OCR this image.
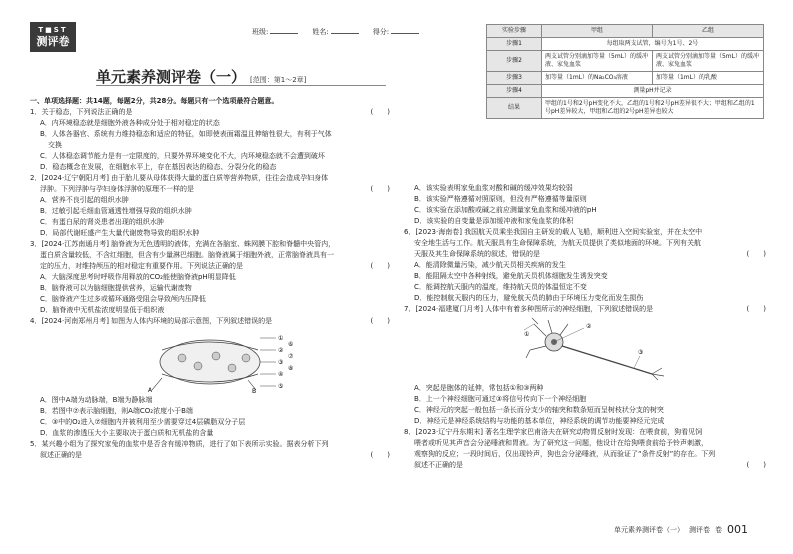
T■ST
测评卷
班级:	姓名:	得分:
单元素养测评卷（一） [范围：第1～2章]
一、单项选择题：共14题，每题2分，共28分。每题只有一个选项最符合题意。
1．关于稳态，下列说法正确的是	(　　)
A．内环境稳态就是细胞外液各种成分处于相对稳定的状态
B．人体各器官、系统有力维持稳态和适应的特征，如即使表面霜温且伸缩性很大，有利于气体
交换
C．人体稳态调节能力是有一定限度的，只要外界环境变化不大，内环境稳态就不会遭到破坏
D．稳态概念在发展，在细胞水平上，存在基因表达的稳态、分裂分化的稳态
2．[2024·辽宁朝阳月考] 由于胎儿要从母体获得大量的蛋白质等营养物质，往往会造成孕妇身体
浮肿。下列浮肿与孕妇身体浮肿的原理不一样的是	(　　)
A．营养不良引起的组织水肿
B．过敏引起毛细血管通透性增强导致的组织水肿
C．有蛋白尿的肾炎患者出现的组织水肿
D．局部代谢旺盛产生大量代谢废物导致的组织水肿
3．[2024·江苏南通月考] 脑脊液为无色透明的液体，充满在各脑室、蛛网膜下腔和脊髓中央管内，
蛋白质含量较低，不含红细胞，但含有少量淋巴细胞。脑脊液属于细胞外液，正常脑脊液具有一
定的压力，对维持颅压的相对稳定有重要作用。下列说法正确的是	(　　)
A．大脑深度思考时呼吸作用释放的CO₂能使脑脊液pH明显降低
B．脑脊液可以为脑细胞提供营养，运输代谢废物
C．脑脊液产生过多或循环通路受阻会导致颅内压降低
D．脑脊液中无机盐浓度明显低于组织液
4．[2024·河南郑州月考] 如图为人体内环境的局部示意图，下列叙述错误的是	(　　)
①
②
③
④
⑤
⑥
⑦
⑧
A	B
A．图中A端为动脉端，B端为静脉端
B．若图中⑦表示脑细胞，则A端CO₂浓度小于B端
C．③中的O₂进入⑦细胞内并被利用至少需要穿过4层磷脂双分子层
D．血浆的渗透压大小主要取决于蛋白质和无机盐的含量
5．某兴趣小组为了探究家兔的血浆中是否含有缓冲物质，进行了如下表所示实验。据表分析下列
叙述正确的是	(　　)
实验步骤	甲组	乙组
步骤1	每组取两支试管，编号为1号、2号	
步骤2	两支试管分别滴加等量（5mL）的缓冲液、家兔血浆	两支试管分别滴加等量（5mL）的缓冲液、家兔血浆
步骤3	加等量（1mL）的Na₂CO₃溶液	加等量（1mL）的乳酸
步骤4	测量pH并记录	
结果	甲组的1号和2号pH变化不大，乙组的1号和2号pH差异很不大；甲组和乙组的1号pH差异较大，甲组和乙组的2号pH差异也较大	
A．该实验表明家兔血浆对酸和碱的缓冲效果均较弱
B．该实验严格遵循对照原则，但没有严格遵循等量原则
C．该实验在添加酸或碱之前应测量家兔血浆和缓冲液的pH
D．该实验的自变量是添加缓冲液和家兔血浆的体积
6．[2023·海南卷] 我国航天员乘坐我国自主研发的载人飞船，顺利进入空间实验室，并在太空中
安全地生活与工作。航天服具有生命保障系统，为航天员提供了类似地面的环境。下列有关航
天服及其生命保障系统的叙述，错误的是	(　　)
A．能清除微量污染，减少航天员相关疾病的发生
B．能阻隔太空中各种射线，避免航天员机体细胞发生诱发突变
C．能调控航天服内的温度，维持航天员的体温恒定不变
D．能控制航天服内的压力，避免航天员的肺由于环境压力变化而发生损伤
7．[2024·福建厦门月考] 人体中有着多种图所示的神经细胞，下列叙述错误的是	(　　)
①
②
③
A．突起是胞体的延伸，常包括①和③两种
B．上一个神经细胞可通过③将信号传向下一个神经细胞
C．神经元的突起一般包括一条长而分支少的轴突和数条短而呈树枝状分支的树突
D．神经元是神经系统结构与功能的基本单位，神经系统的调节功能要神经元完成
8．[2023·辽宁丹东期末] 著名生理学家巴甫洛夫在研究动物胃反射时发现：在喂食前，狗看见饲
喂者或听见其声音会分泌唾液和胃液。为了研究这一问题，他设计在给狗喂食前给予铃声刺激，
观察狗的反应；一段时间后，仅出现铃声，狗也会分泌唾液，从而验证了“条件反射”的存在。下列
叙述不正确的是	(　　)
单元素养测评卷（一） 测评卷 卷 001
